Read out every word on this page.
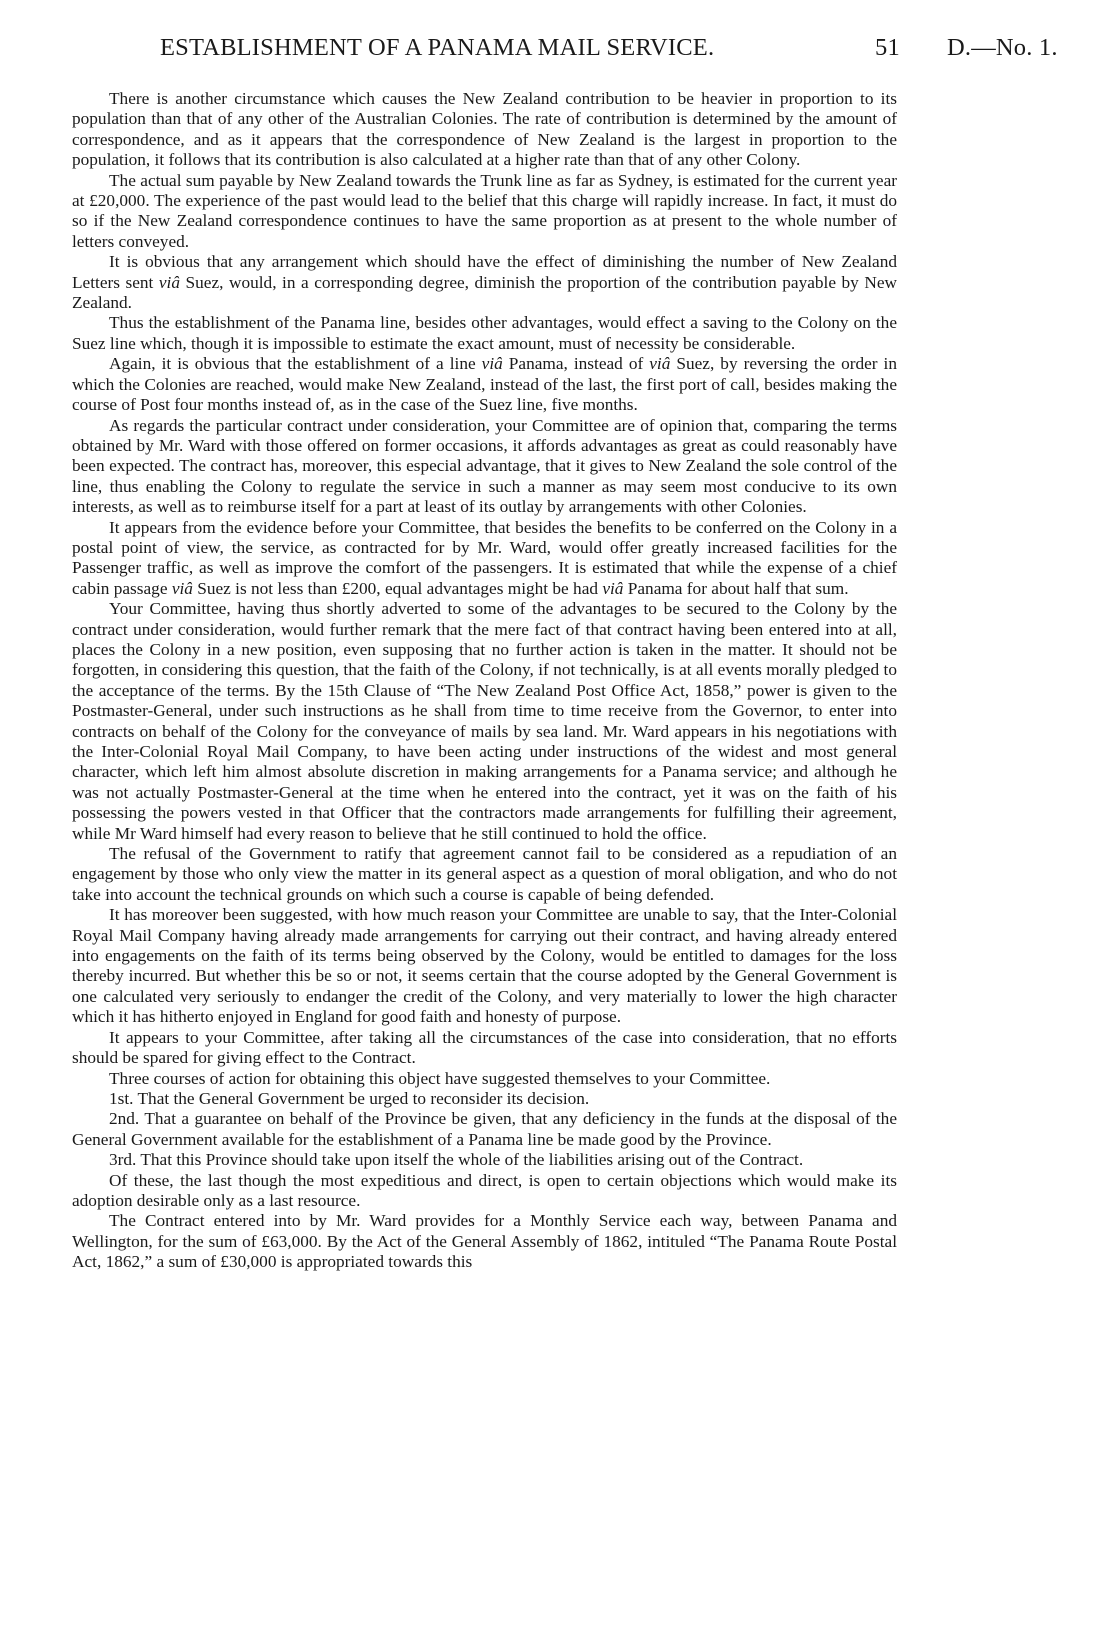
ESTABLISHMENT OF A PANAMA MAIL SERVICE.	51 D.—No. 1.

There is another circumstance which causes the New Zealand contribution to be heavier in proportion to its population than that of any other of the Australian Colonies. The rate of contribution is determined by the amount of correspondence, and as it appears that the correspondence of New Zealand is the largest in proportion to the population, it follows that its contribution is also calculated at a higher rate than that of any other Colony.

The actual sum payable by New Zealand towards the Trunk line as far as Sydney, is estimated for the current year at £20,000. The experience of the past would lead to the belief that this charge will rapidly increase. In fact, it must do so if the New Zealand correspondence continues to have the same proportion as at present to the whole number of letters conveyed.

It is obvious that any arrangement which should have the effect of diminishing the number of New Zealand Letters sent viâ Suez, would, in a corresponding degree, diminish the proportion of the contribution payable by New Zealand.

Thus the establishment of the Panama line, besides other advantages, would effect a saving to the Colony on the Suez line which, though it is impossible to estimate the exact amount, must of necessity be considerable.

Again, it is obvious that the establishment of a line viâ Panama, instead of viâ Suez, by reversing the order in which the Colonies are reached, would make New Zealand, instead of the last, the first port of call, besides making the course of Post four months instead of, as in the case of the Suez line, five months.

As regards the particular contract under consideration, your Committee are of opinion that, comparing the terms obtained by Mr. Ward with those offered on former occasions, it affords advantages as great as could reasonably have been expected. The contract has, moreover, this especial advantage, that it gives to New Zealand the sole control of the line, thus enabling the Colony to regulate the service in such a manner as may seem most conducive to its own interests, as well as to reimburse itself for a part at least of its outlay by arrangements with other Colonies.

It appears from the evidence before your Committee, that besides the benefits to be conferred on the Colony in a postal point of view, the service, as contracted for by Mr. Ward, would offer greatly increased facilities for the Passenger traffic, as well as improve the comfort of the passengers. It is estimated that while the expense of a chief cabin passage viâ Suez is not less than £200, equal advantages might be had viâ Panama for about half that sum.

Your Committee, having thus shortly adverted to some of the advantages to be secured to the Colony by the contract under consideration, would further remark that the mere fact of that contract having been entered into at all, places the Colony in a new position, even supposing that no further action is taken in the matter. It should not be forgotten, in considering this question, that the faith of the Colony, if not technically, is at all events morally pledged to the acceptance of the terms. By the 15th Clause of “The New Zealand Post Office Act, 1858,” power is given to the Postmaster-General, under such instructions as he shall from time to time receive from the Governor, to enter into contracts on behalf of the Colony for the conveyance of mails by sea land. Mr. Ward appears in his negotiations with the Inter-Colonial Royal Mail Company, to have been acting under instructions of the widest and most general character, which left him almost absolute discretion in making arrangements for a Panama service; and although he was not actually Postmaster-General at the time when he entered into the contract, yet it was on the faith of his possessing the powers vested in that Officer that the contractors made arrangements for fulfilling their agreement, while Mr Ward himself had every reason to believe that he still continued to hold the office.

The refusal of the Government to ratify that agreement cannot fail to be considered as a repudiation of an engagement by those who only view the matter in its general aspect as a question of moral obligation, and who do not take into account the technical grounds on which such a course is capable of being defended.

It has moreover been suggested, with how much reason your Committee are unable to say, that the Inter-Colonial Royal Mail Company having already made arrangements for carrying out their contract, and having already entered into engagements on the faith of its terms being observed by the Colony, would be entitled to damages for the loss thereby incurred. But whether this be so or not, it seems certain that the course adopted by the General Government is one calculated very seriously to endanger the credit of the Colony, and very materially to lower the high character which it has hitherto enjoyed in England for good faith and honesty of purpose.

It appears to your Committee, after taking all the circumstances of the case into consideration, that no efforts should be spared for giving effect to the Contract.

Three courses of action for obtaining this object have suggested themselves to your Committee.

1st. That the General Government be urged to reconsider its decision.

2nd. That a guarantee on behalf of the Province be given, that any deficiency in the funds at the disposal of the General Government available for the establishment of a Panama line be made good by the Province.

3rd. That this Province should take upon itself the whole of the liabilities arising out of the Contract.

Of these, the last though the most expeditious and direct, is open to certain objections which would make its adoption desirable only as a last resource.

The Contract entered into by Mr. Ward provides for a Monthly Service each way, between Panama and Wellington, for the sum of £63,000. By the Act of the General Assembly of 1862, intituled “The Panama Route Postal Act, 1862,” a sum of £30,000 is appropriated towards this
